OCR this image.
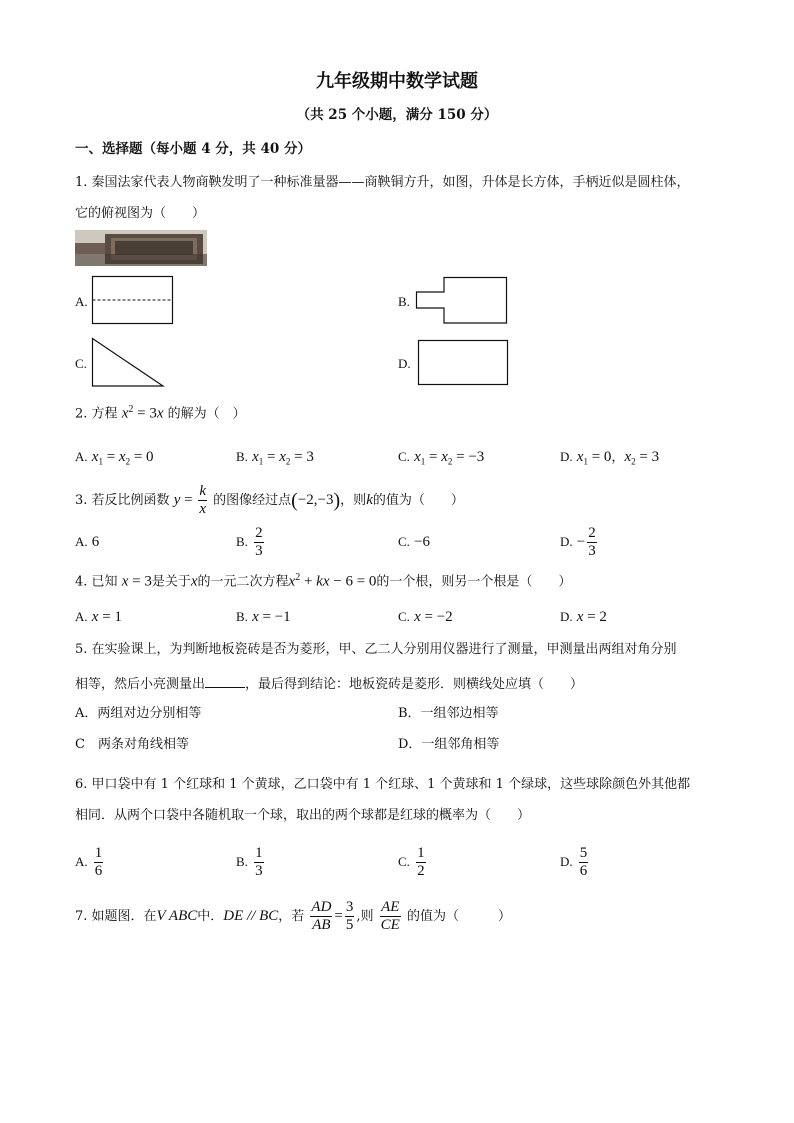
九年级期中数学试题
（共 25 个小题，满分 150 分）
一、选择题（每小题 4 分，共 40 分）
1. 秦国法家代表人物商鞅发明了一种标准量器——商鞅铜方升，如图，升体是长方体，手柄近似是圆柱体，
它的俯视图为（　　）
A.	B.
C.	D.
2. 方程 $x^2 = 3x$ 的解为（　）
A. $x_1 = x_2 = 0$	B. $x_1 = x_2 = 3$	C. $x_1 = x_2 = -3$	D. $x_1 = 0$，$x_2 = 3$
3. 若反比例函数 $y = \frac{k}{x}$ 的图像经过点(−2,−3)，则k的值为（　　）
A. 6	B. $\frac{2}{3}$	C. −6	D. − $\frac{2}{3}$
4. 已知 x = 3是关于x的一元二次方程$x^2$ + kx − 6 = 0的一个根，则另一个根是（　　）
A. x = 1	B. x = −1	C. x = −2	D. x = 2
5. 在实验课上，为判断地板瓷砖是否为菱形，甲、乙二人分别用仪器进行了测量，甲测量出两组对角分别
相等，然后小亮测量出	，最后得到结论：地板瓷砖是菱形．则横线处应填（　　）
A．两组对边分别相等	B．一组邻边相等
C　两条对角线相等	D．一组邻角相等
6. 甲口袋中有 1 个红球和 1 个黄球，乙口袋中有 1 个红球、1 个黄球和 1 个绿球，这些球除颜色外其他都
相同．从两个口袋中各随机取一个球，取出的两个球都是红球的概率为（　　）
A. $\frac{1}{6}$	B. $\frac{1}{3}$	C. $\frac{1}{2}$	D. $\frac{5}{6}$
7. 如题图．在V ABC中．DE // BC，若 $\frac{AD}{AB} = \frac{3}{5}$ ,则 $\frac{AE}{CE}$ 的值为（　　　）
